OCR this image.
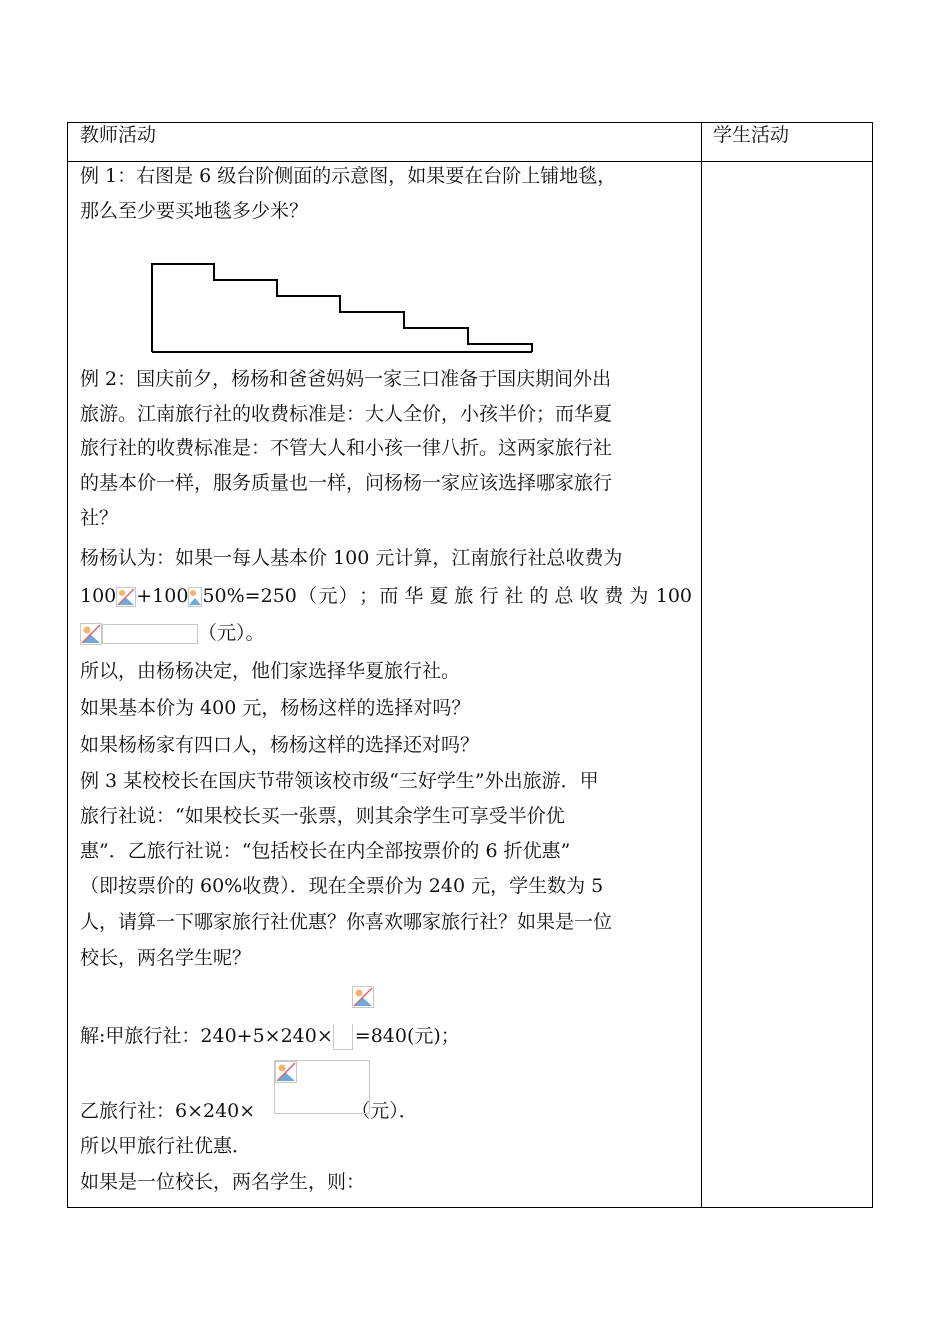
教师活动	学生活动
例 1：右图是 6 级台阶侧面的示意图，如果要在台阶上铺地毯，
那么至少要买地毯多少米？
例 2：国庆前夕，杨杨和爸爸妈妈一家三口准备于国庆期间外出
旅游。江南旅行社的收费标准是：大人全价，小孩半价；而华夏
旅行社的收费标准是：不管大人和小孩一律八折。这两家旅行社
的基本价一样，服务质量也一样，问杨杨一家应该选择哪家旅行
社？
杨杨认为：如果一每人基本价 100 元计算，江南旅行社总收费为
100 +100 50%=250 （ 元 ） ； 而华夏旅行社的总收费为 100
（元）。
所以，由杨杨决定，他们家选择华夏旅行社。
如果基本价为 400 元，杨杨这样的选择对吗？
如果杨杨家有四口人，杨杨这样的选择还对吗？
例 3 某校校长在国庆节带领该校市级“三好学生”外出旅游．甲
旅行社说：“如果校长买一张票，则其余学生可享受半价优
惠”．乙旅行社说：“包括校长在内全部按票价的 6 折优惠”
（即按票价的 60%收费）．现在全票价为 240 元，学生数为 5
人，请算一下哪家旅行社优惠？你喜欢哪家旅行社？如果是一位
校长，两名学生呢？
解:甲旅行社：240+5×240× =840(元)；
乙旅行社：6×240×	（元）．
所以甲旅行社优惠．
如果是一位校长，两名学生，则：
